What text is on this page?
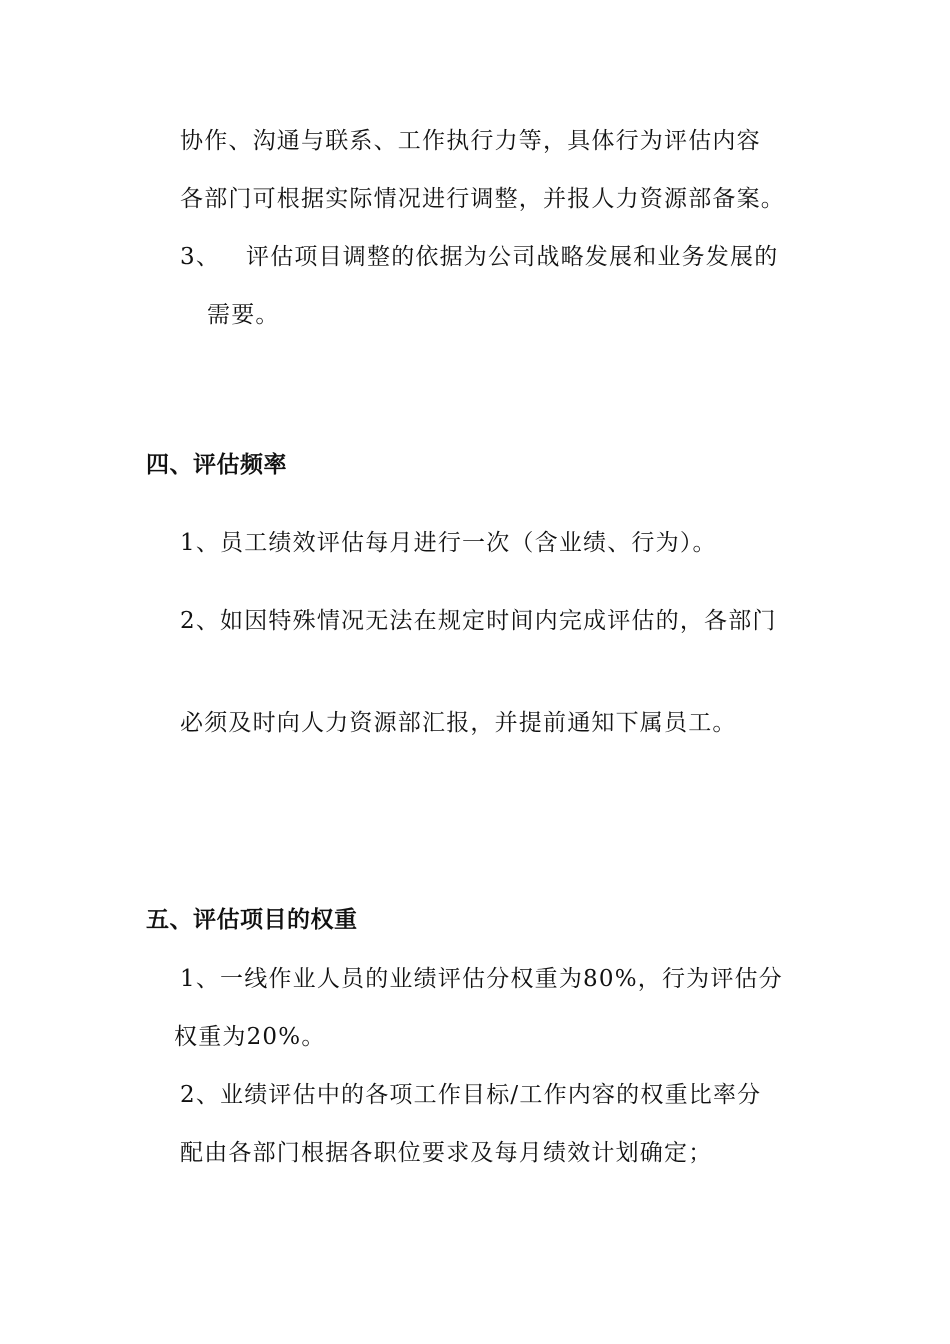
协作、沟通与联系、工作执行力等，具体行为评估内容

各部门可根据实际情况进行调整，并报人力资源部备案。

3、 评估项目调整的依据为公司战略发展和业务发展的

需要。

四、评估频率

1、员工绩效评估每月进行一次（含业绩、行为）。

2、如因特殊情况无法在规定时间内完成评估的，各部门

必须及时向人力资源部汇报，并提前通知下属员工。

五、评估项目的权重

1、一线作业人员的业绩评估分权重为80%，行为评估分

权重为20%。

2、业绩评估中的各项工作目标/工作内容的权重比率分

配由各部门根据各职位要求及每月绩效计划确定；
